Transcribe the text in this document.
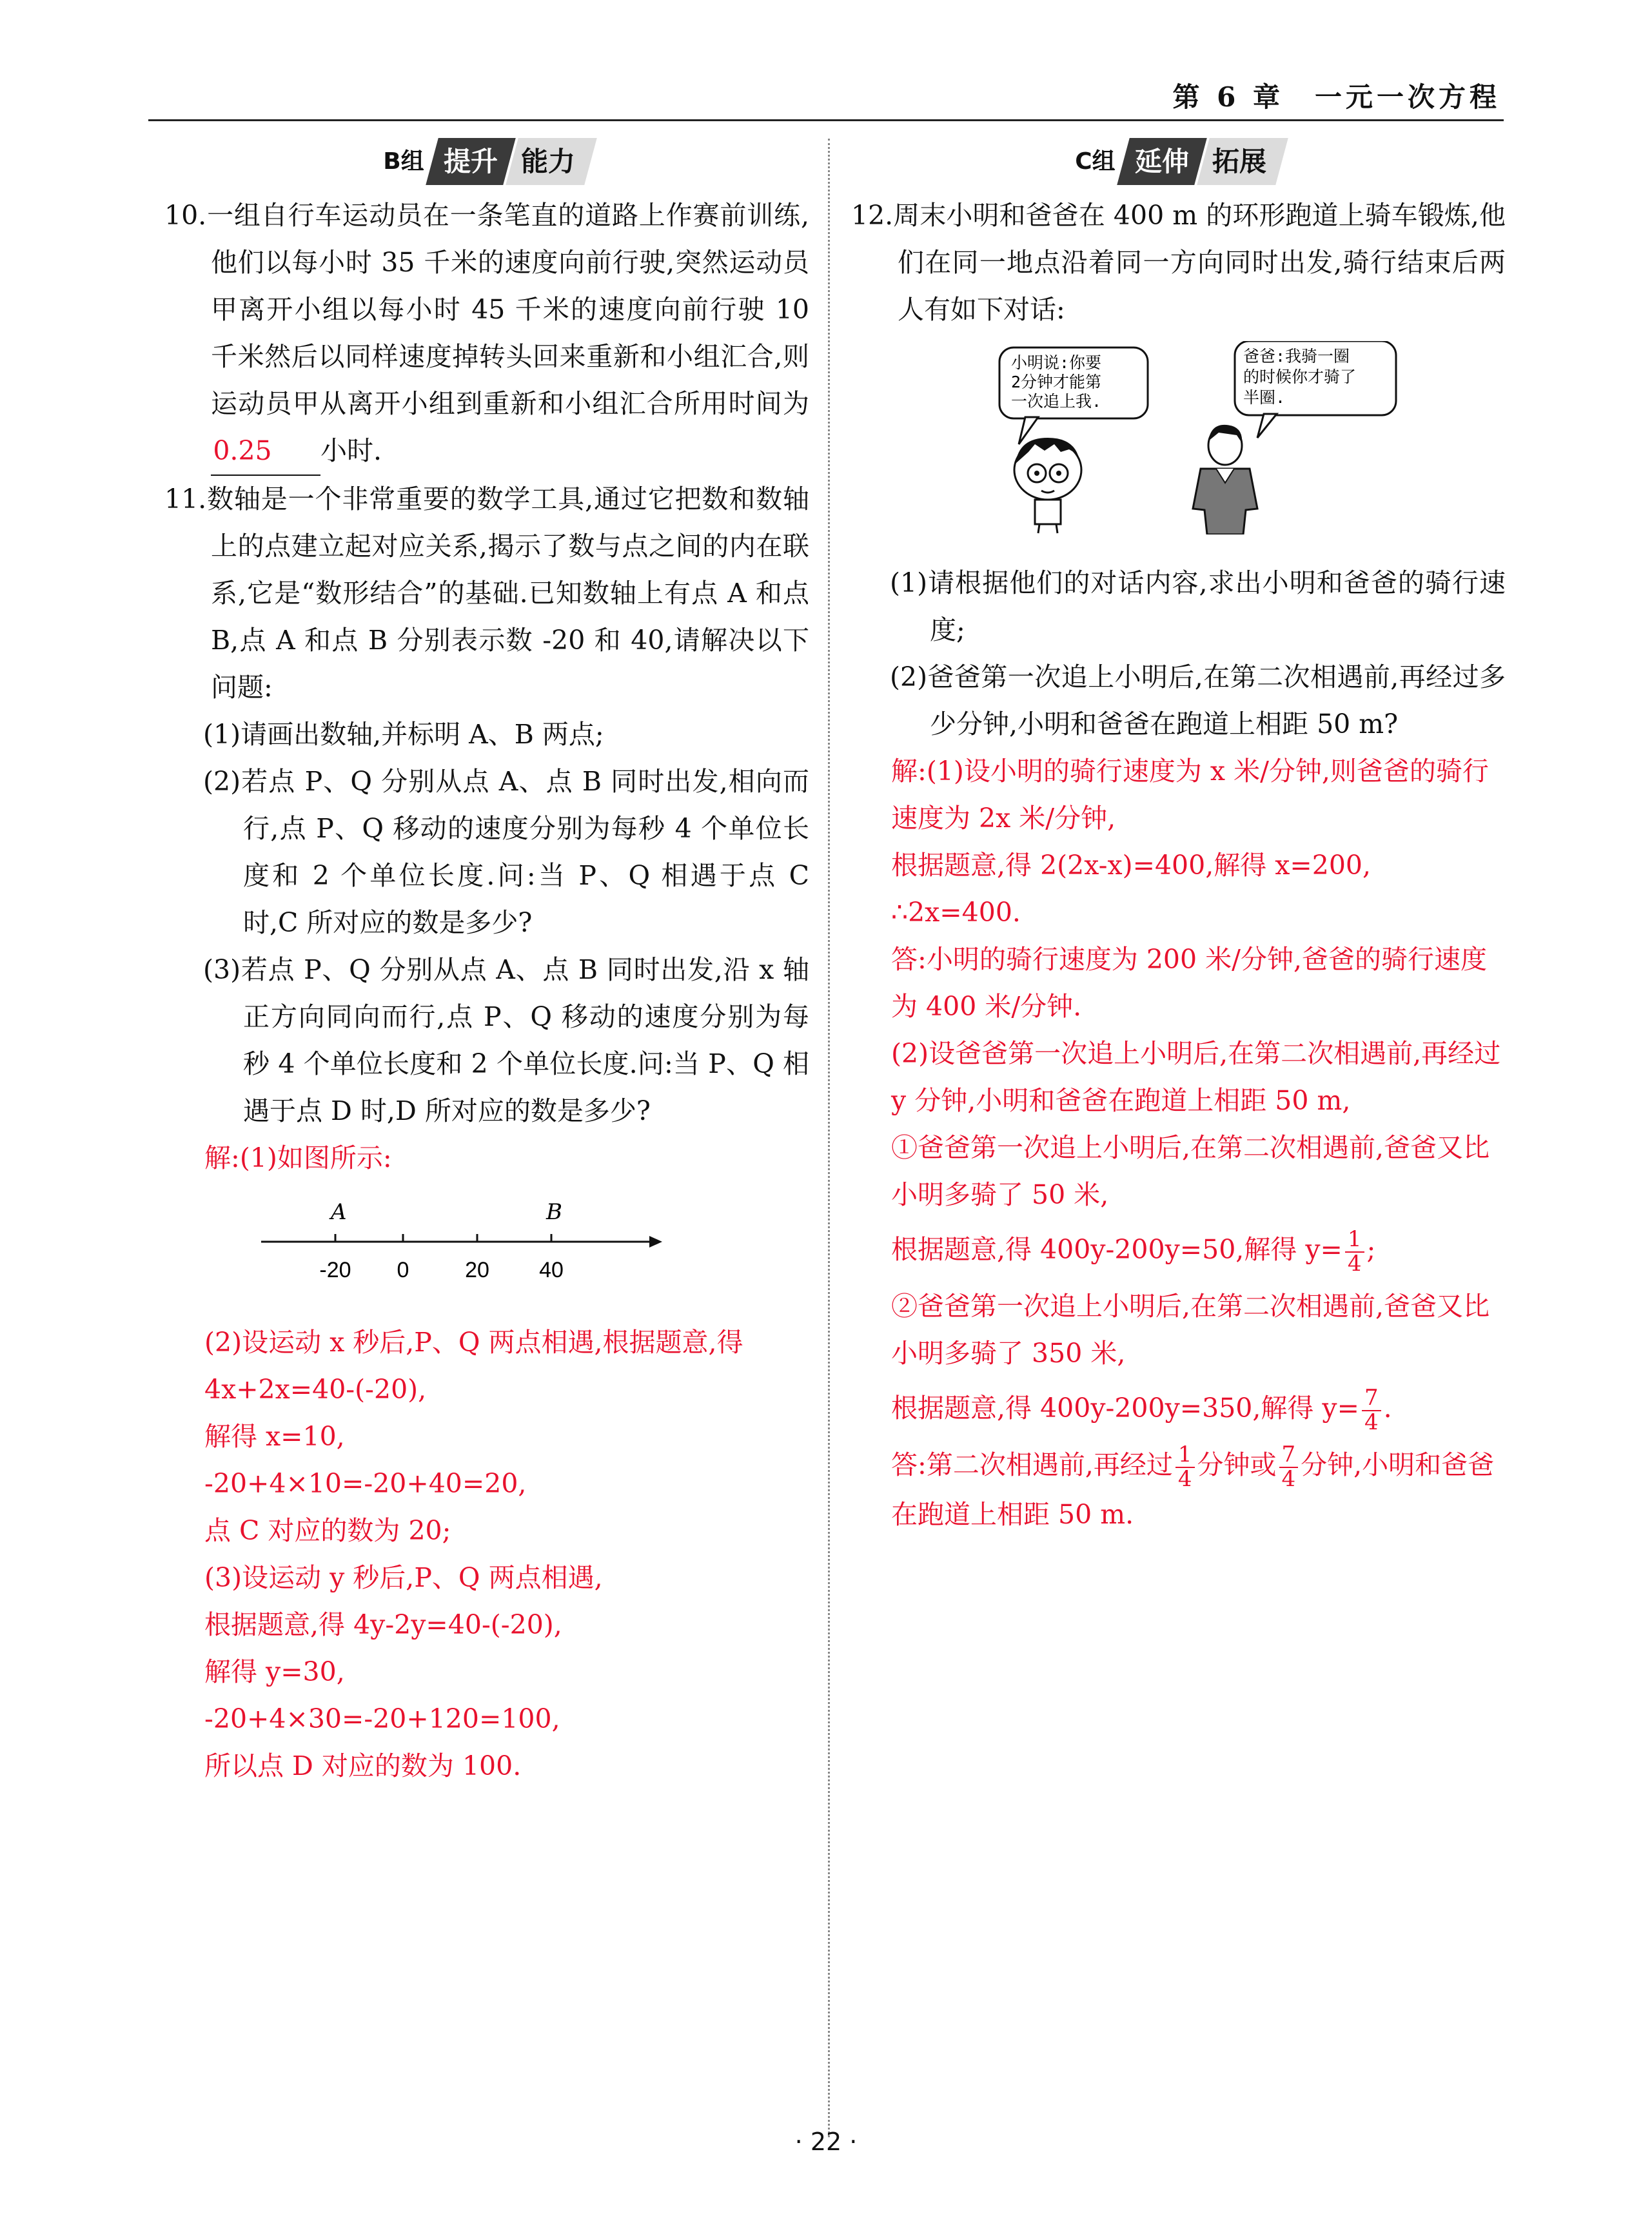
第 6 章　一元一次方程
B组 提升 能力

10.一组自行车运动员在一条笔直的道路上作赛前训练,他们以每小时 35 千米的速度向前行驶,突然运动员甲离开小组以每小时 45 千米的速度向前行驶 10 千米然后以同样速度掉转头回来重新和小组汇合,则运动员甲从离开小组到重新和小组汇合所用时间为0.25 小时.

11.数轴是一个非常重要的数学工具,通过它把数和数轴上的点建立起对应关系,揭示了数与点之间的内在联系,它是“数形结合”的基础.已知数轴上有点 A 和点 B,点 A 和点 B 分别表示数 -20 和 40,请解决以下问题:

(1)请画出数轴,并标明 A、B 两点;

(2)若点 P、Q 分别从点 A、点 B 同时出发,相向而行,点 P、Q 移动的速度分别为每秒 4 个单位长度和 2 个单位长度.问:当 P、Q 相遇于点 C 时,C 所对应的数是多少?

(3)若点 P、Q 分别从点 A、点 B 同时出发,沿 x 轴正方向同向而行,点 P、Q 移动的速度分别为每秒 4 个单位长度和 2 个单位长度.问:当 P、Q 相遇于点 D 时,D 所对应的数是多少?

解:(1)如图所示:

A	B
-20 0	20 40

(2)设运动 x 秒后,P、Q 两点相遇,根据题意,得 4x+2x=40-(-20),

解得 x=10,

-20+4×10=-20+40=20,

点 C 对应的数为 20;

(3)设运动 y 秒后,P、Q 两点相遇,

根据题意,得 4y-2y=40-(-20),

解得 y=30,

-20+4×30=-20+120=100,

所以点 D 对应的数为 100.

C组 延伸 拓展

12.周末小明和爸爸在 400 m 的环形跑道上骑车锻炼,他们在同一地点沿着同一方向同时出发,骑行结束后两人有如下对话:

小明说:你要
2分钟才能第
一次追上我.
爸爸:我骑一圈
的时候你才骑了
半圈.

(1)请根据他们的对话内容,求出小明和爸爸的骑行速度;

(2)爸爸第一次追上小明后,在第二次相遇前,再经过多少分钟,小明和爸爸在跑道上相距 50 m?

解:(1)设小明的骑行速度为 x 米/分钟,则爸爸的骑行速度为 2x 米/分钟,

根据题意,得 2(2x-x)=400,解得 x=200,

∴2x=400.

答:小明的骑行速度为 200 米/分钟,爸爸的骑行速度为 400 米/分钟.

(2)设爸爸第一次追上小明后,在第二次相遇前,再经过 y 分钟,小明和爸爸在跑道上相距 50 m,

①爸爸第一次追上小明后,在第二次相遇前,爸爸又比小明多骑了 50 米,

根据题意,得 400y-200y=50,解得 $y= \frac{1}{4}$ ;

②爸爸第一次追上小明后,在第二次相遇前,爸爸又比小明多骑了 350 米,

根据题意,得 400y-200y=350,解得 $y= \frac{7}{4}$ .

答:第二次相遇前,再经过 $\frac{1}{4}$ 分钟或 $\frac{7}{4}$ 分钟,小明和爸爸在跑道上相距 50 m.

· 22 ·
